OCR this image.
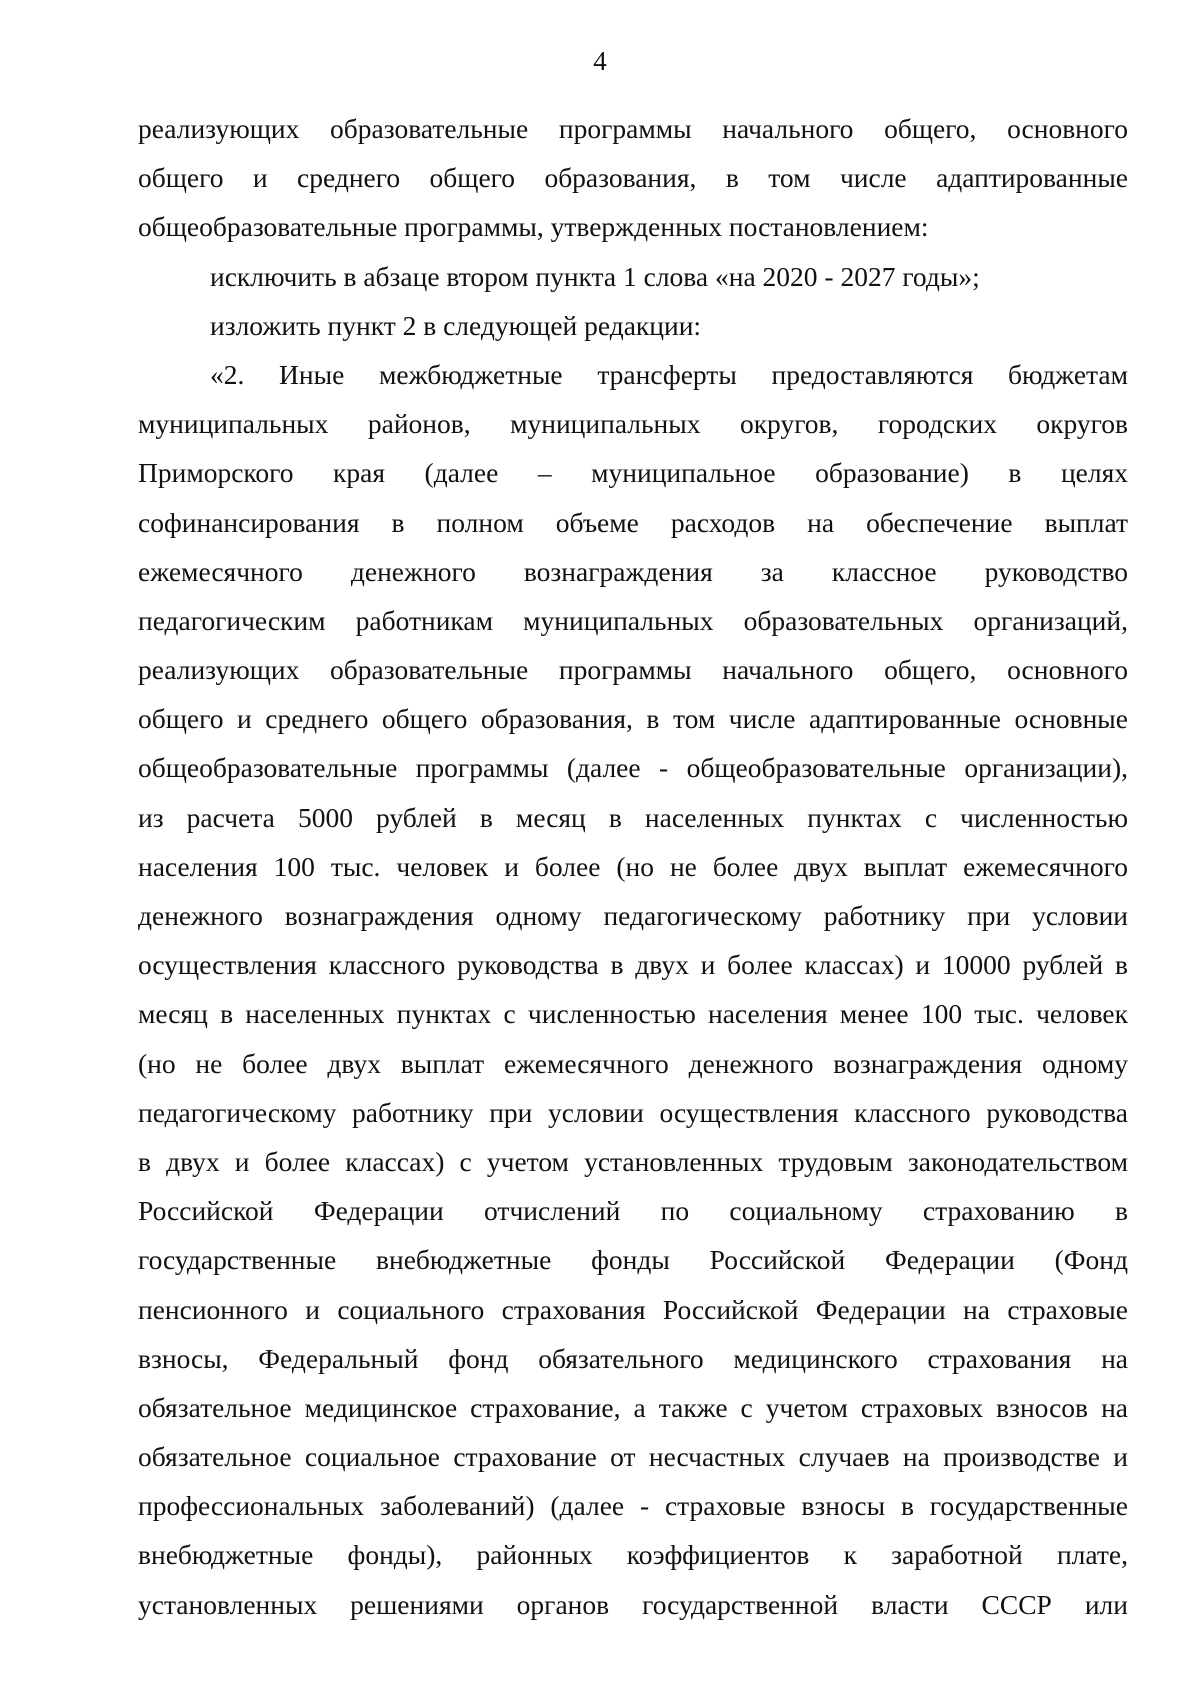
4
реализующих образовательные программы начального общего, основного
общего и среднего общего образования, в том числе адаптированные
общеобразовательные программы, утвержденных постановлением:
исключить в абзаце втором пункта 1 слова «на 2020 - 2027 годы»;
изложить пункт 2 в следующей редакции:
«2. Иные межбюджетные трансферты предоставляются бюджетам
муниципальных районов, муниципальных округов, городских округов
Приморского края (далее – муниципальное образование) в целях
софинансирования в полном объеме расходов на обеспечение выплат
ежемесячного денежного вознаграждения за классное руководство
педагогическим работникам муниципальных образовательных организаций,
реализующих образовательные программы начального общего, основного
общего и среднего общего образования, в том числе адаптированные основные
общеобразовательные программы (далее - общеобразовательные организации),
из расчета 5000 рублей в месяц в населенных пунктах с численностью
населения 100 тыс. человек и более (но не более двух выплат ежемесячного
денежного вознаграждения одному педагогическому работнику при условии
осуществления классного руководства в двух и более классах) и 10000 рублей в
месяц в населенных пунктах с численностью населения менее 100 тыс. человек
(но не более двух выплат ежемесячного денежного вознаграждения одному
педагогическому работнику при условии осуществления классного руководства
в двух и более классах) с учетом установленных трудовым законодательством
Российской Федерации отчислений по социальному страхованию в
государственные внебюджетные фонды Российской Федерации (Фонд
пенсионного и социального страхования Российской Федерации на страховые
взносы, Федеральный фонд обязательного медицинского страхования на
обязательное медицинское страхование, а также с учетом страховых взносов на
обязательное социальное страхование от несчастных случаев на производстве и
профессиональных заболеваний) (далее - страховые взносы в государственные
внебюджетные фонды), районных коэффициентов к заработной плате,
установленных решениями органов государственной власти СССР или
